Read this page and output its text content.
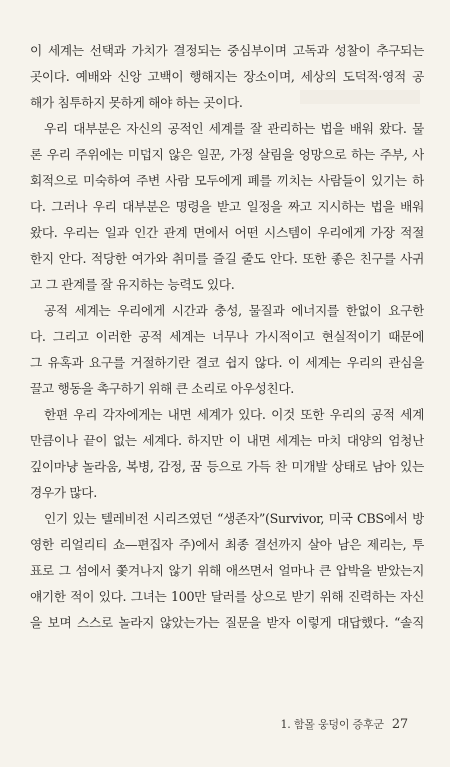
이 세계는 선택과 가치가 결정되는 중심부이며 고독과 성찰이 추구되는
곳이다. 예배와 신앙 고백이 행해지는 장소이며, 세상의 도덕적·영적 공
해가 침투하지 못하게 해야 하는 곳이다.
우리 대부분은 자신의 공적인 세계를 잘 관리하는 법을 배워 왔다. 물
론 우리 주위에는 미덥지 않은 일꾼, 가정 살림을 엉망으로 하는 주부, 사
회적으로 미숙하여 주변 사람 모두에게 폐를 끼치는 사람들이 있기는 하
다. 그러나 우리 대부분은 명령을 받고 일정을 짜고 지시하는 법을 배워
왔다. 우리는 일과 인간 관계 면에서 어떤 시스템이 우리에게 가장 적절
한지 안다. 적당한 여가와 취미를 즐길 줄도 안다. 또한 좋은 친구를 사귀
고 그 관계를 잘 유지하는 능력도 있다.
공적 세계는 우리에게 시간과 충성, 물질과 에너지를 한없이 요구한
다. 그리고 이러한 공적 세계는 너무나 가시적이고 현실적이기 때문에
그 유혹과 요구를 거절하기란 결코 쉽지 않다. 이 세계는 우리의 관심을
끌고 행동을 촉구하기 위해 큰 소리로 아우성친다.
한편 우리 각자에게는 내면 세계가 있다. 이것 또한 우리의 공적 세계
만큼이나 끝이 없는 세계다. 하지만 이 내면 세계는 마치 대양의 엄청난
깊이마냥 놀라움, 복병, 감정, 꿈 등으로 가득 찬 미개발 상태로 남아 있는
경우가 많다.
인기 있는 텔레비전 시리즈였던 “생존자”(Survivor, 미국 CBS에서 방
영한 리얼리티 쇼—편집자 주)에서 최종 결선까지 살아 남은 제리는, 투
표로 그 섬에서 쫓겨나지 않기 위해 애쓰면서 얼마나 큰 압박을 받았는지
얘기한 적이 있다. 그녀는 100만 달러를 상으로 받기 위해 진력하는 자신
을 보며 스스로 놀라지 않았는가는 질문을 받자 이렇게 대답했다. “솔직
1. 함몰 웅덩이 증후군 27
